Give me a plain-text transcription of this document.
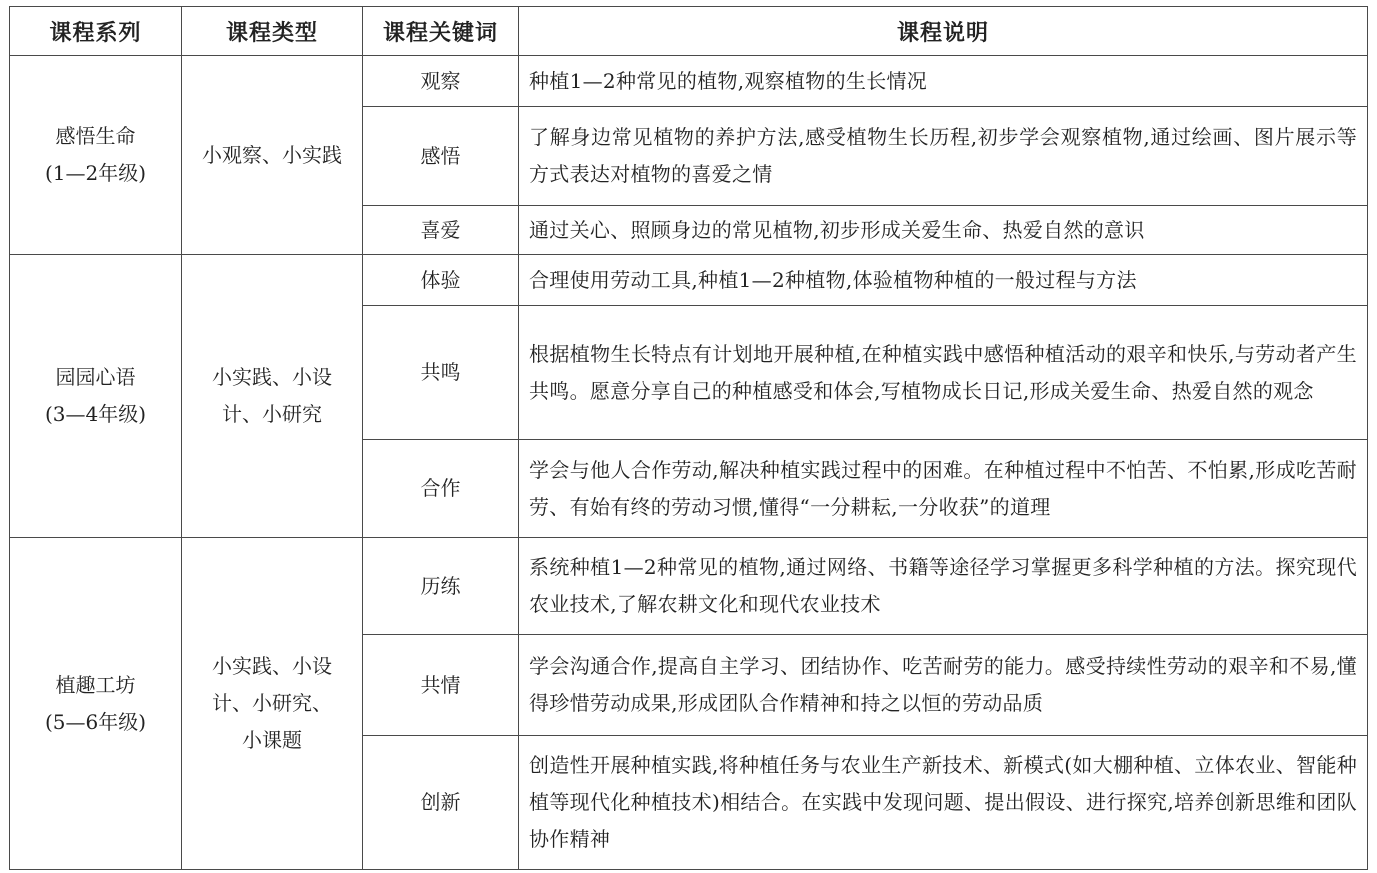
课程系列	课程类型	课程关键词	课程说明

感悟生命
(1—2年级)	小观察、小实践	观察	种植1—2种常见的植物,观察植物的生长情况
		感悟	了解身边常见植物的养护方法,感受植物生长历程,初步学会观察植物,通过绘画、图片展示等方式表达对植物的喜爱之情
		喜爱	通过关心、照顾身边的常见植物,初步形成关爱生命、热爱自然的意识

园园心语
(3—4年级)	小实践、小设计、小研究	体验	合理使用劳动工具,种植1—2种植物,体验植物种植的一般过程与方法
		共鸣	根据植物生长特点有计划地开展种植,在种植实践中感悟种植活动的艰辛和快乐,与劳动者产生共鸣。愿意分享自己的种植感受和体会,写植物成长日记,形成关爱生命、热爱自然的观念
		合作	学会与他人合作劳动,解决种植实践过程中的困难。在种植过程中不怕苦、不怕累,形成吃苦耐劳、有始有终的劳动习惯,懂得“一分耕耘,一分收获”的道理

植趣工坊
(5—6年级)	小实践、小设计、小研究、小课题	历练	系统种植1—2种常见的植物,通过网络、书籍等途径学习掌握更多科学种植的方法。探究现代农业技术,了解农耕文化和现代农业技术
		共情	学会沟通合作,提高自主学习、团结协作、吃苦耐劳的能力。感受持续性劳动的艰辛和不易,懂得珍惜劳动成果,形成团队合作精神和持之以恒的劳动品质
		创新	创造性开展种植实践,将种植任务与农业生产新技术、新模式(如大棚种植、立体农业、智能种植等现代化种植技术)相结合。在实践中发现问题、提出假设、进行探究,培养创新思维和团队协作精神
